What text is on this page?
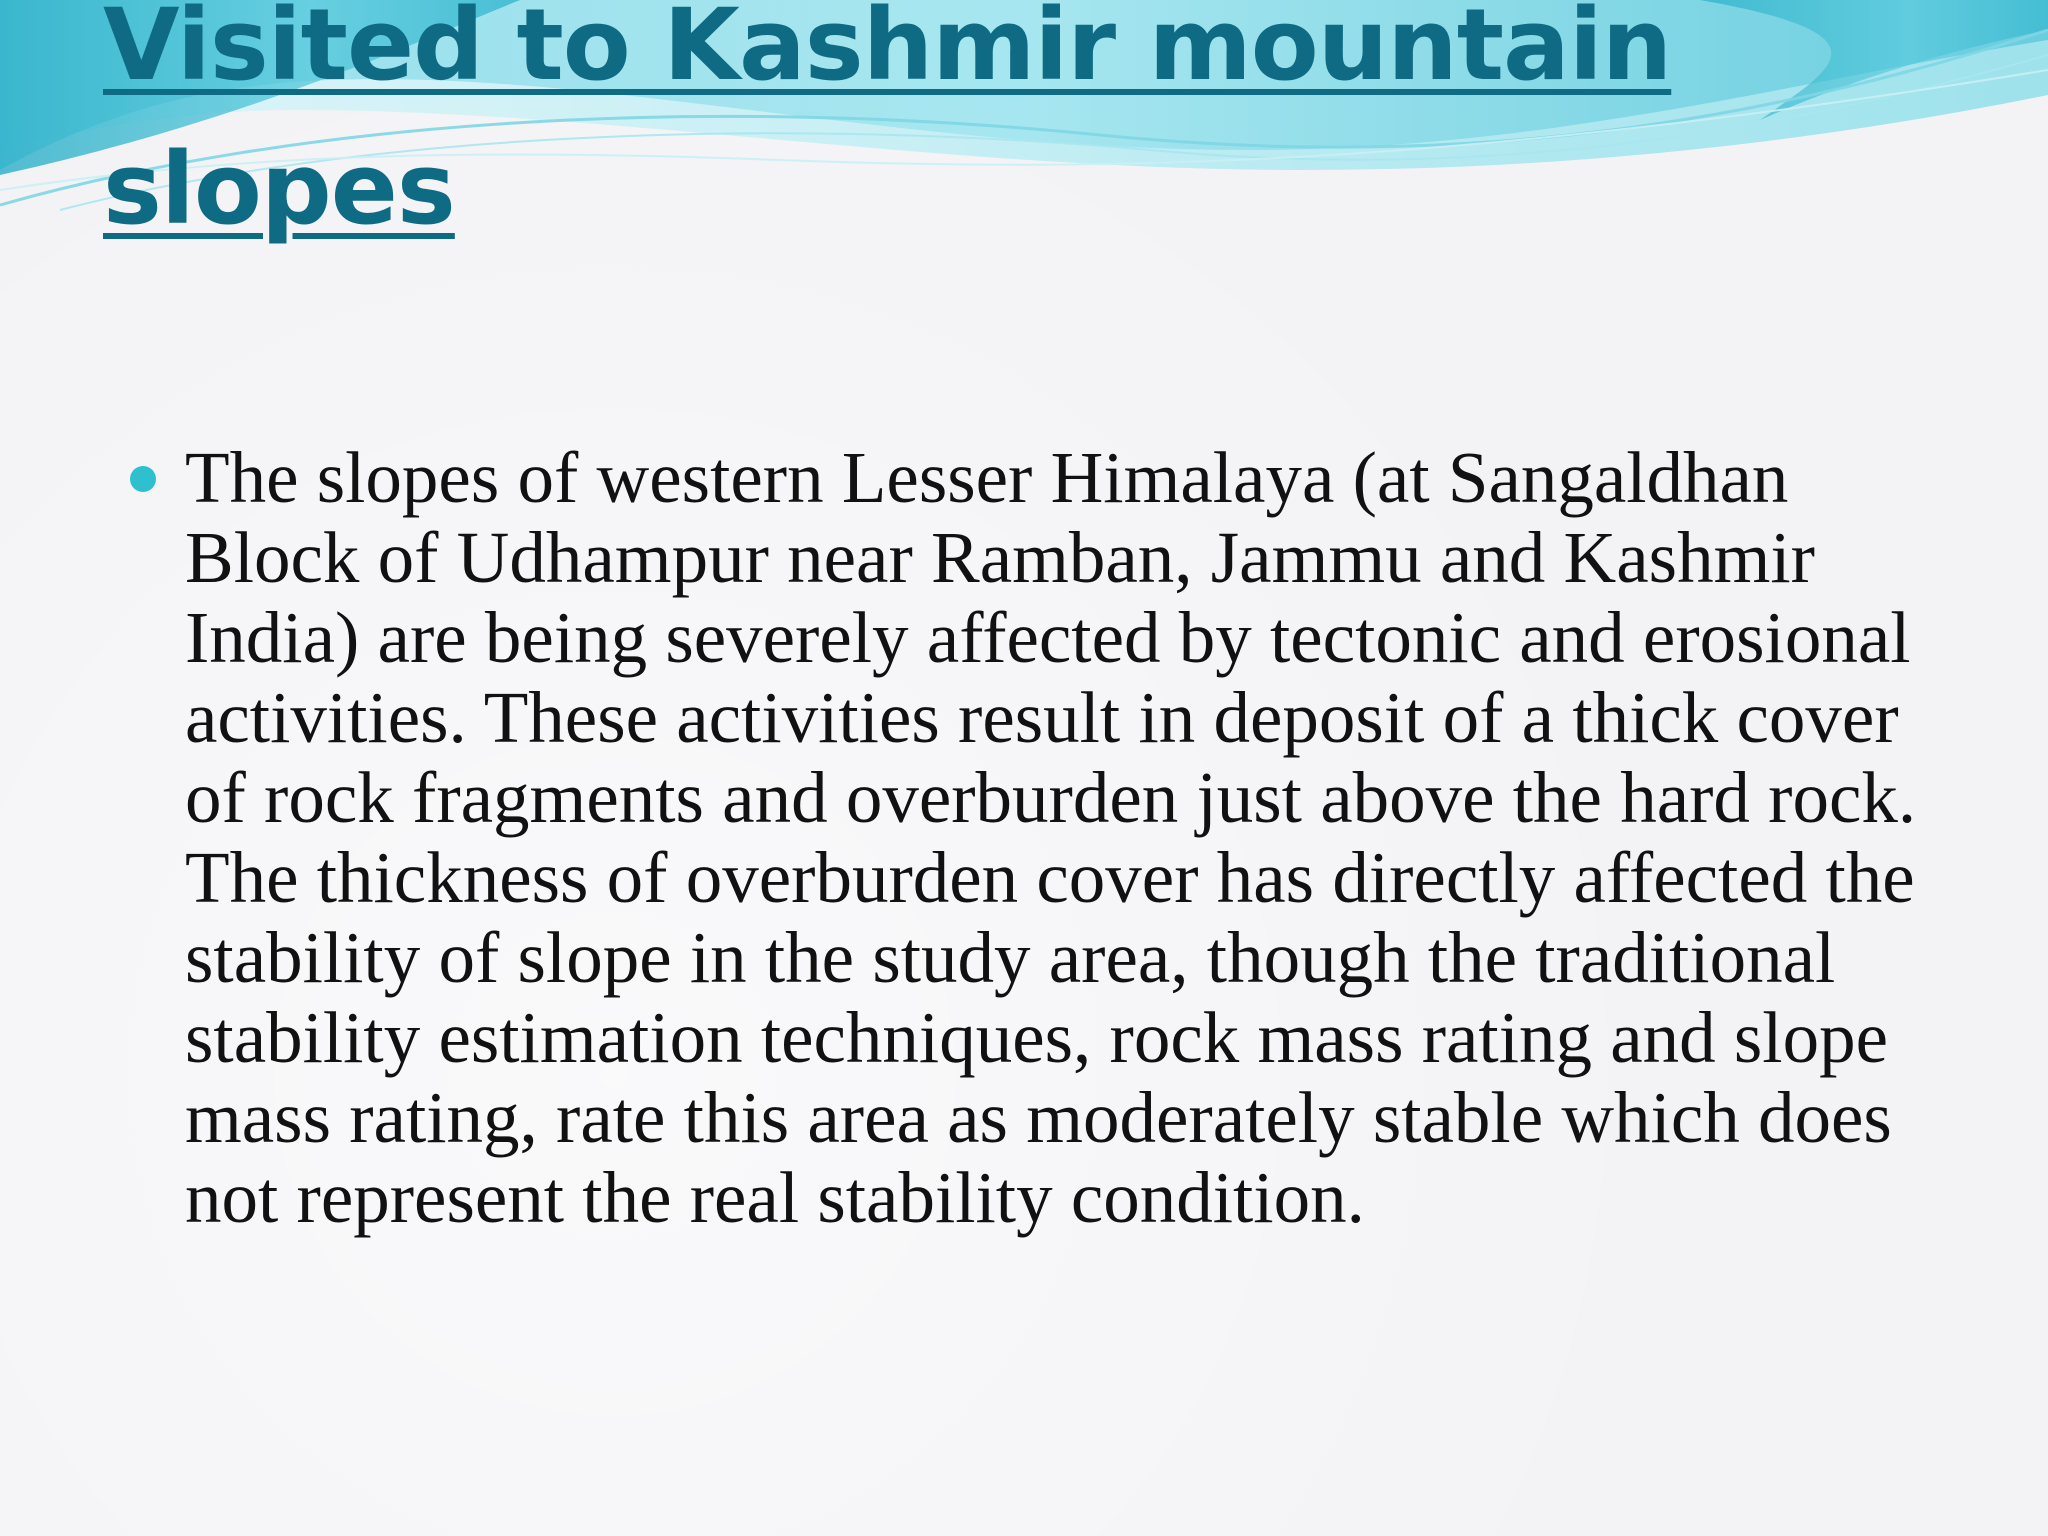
Visited to Kashmir mountain slopes

The slopes of western Lesser Himalaya (at Sangaldhan Block of Udhampur near Ramban, Jammu and Kashmir India) are being severely affected by tectonic and erosional activities. These activities result in deposit of a thick cover of rock fragments and overburden just above the hard rock. The thickness of overburden cover has directly affected the stability of slope in the study area, though the traditional stability estimation techniques, rock mass rating and slope mass rating, rate this area as moderately stable which does not represent the real stability condition.
